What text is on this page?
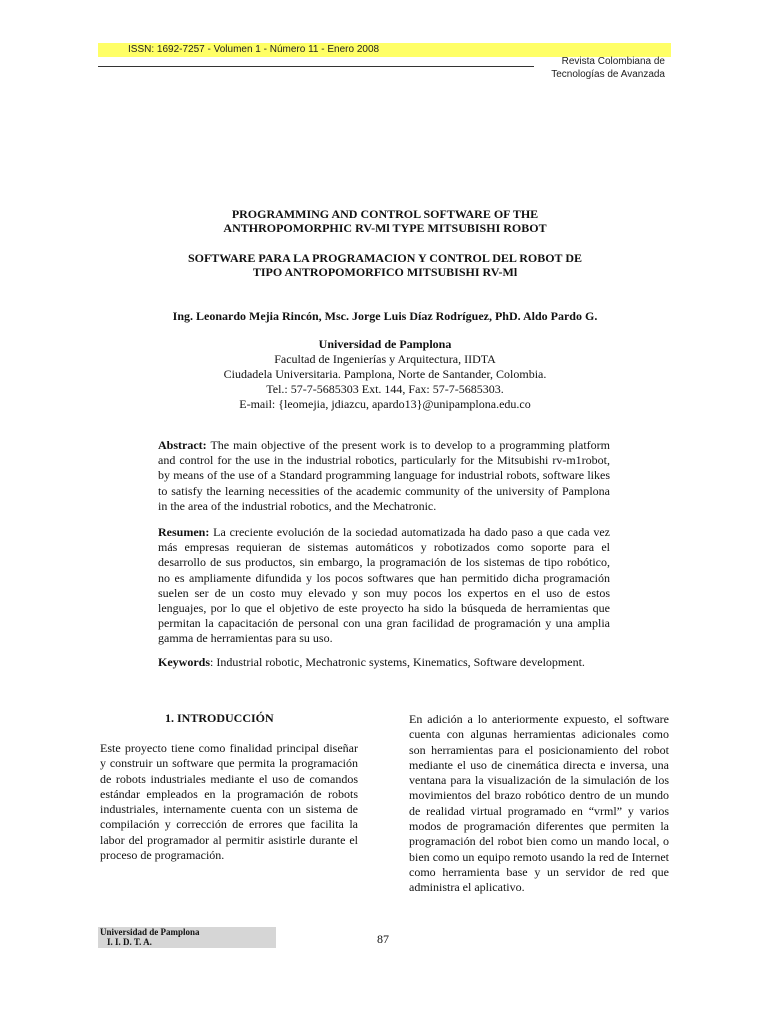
ISSN: 1692-7257 - Volumen 1 - Número 11 - Enero 2008
Revista Colombiana de
Tecnologías de Avanzada
PROGRAMMING AND CONTROL SOFTWARE OF THE
ANTHROPOMORPHIC RV-Ml TYPE MITSUBISHI ROBOT
SOFTWARE PARA LA PROGRAMACION Y CONTROL DEL ROBOT DE
TIPO ANTROPOMORFICO MITSUBISHI RV-Ml
Ing. Leonardo Mejia Rincón, Msc. Jorge Luis Díaz Rodríguez, PhD. Aldo Pardo G.
Universidad de Pamplona
Facultad de Ingenierías y Arquitectura, IIDTA
Ciudadela Universitaria. Pamplona, Norte de Santander, Colombia.
Tel.: 57-7-5685303 Ext. 144, Fax: 57-7-5685303.
E-mail: {leomejia, jdiazcu, apardo13}@unipamplona.edu.co
Abstract: The main objective of the present work is to develop to a programming platform and control for the use in the industrial robotics, particularly for the Mitsubishi rv-m1robot, by means of the use of a Standard programming language for industrial robots, software likes to satisfy the learning necessities of the academic community of the university of Pamplona in the area of the industrial robotics, and the Mechatronic.
Resumen: La creciente evolución de la sociedad automatizada ha dado paso a que cada vez más empresas requieran de sistemas automáticos y robotizados como soporte para el desarrollo de sus productos, sin embargo, la programación de los sistemas de tipo robótico, no es ampliamente difundida y los pocos softwares que han permitido dicha programación suelen ser de un costo muy elevado y son muy pocos los expertos en el uso de estos lenguajes, por lo que el objetivo de este proyecto ha sido la búsqueda de herramientas que permitan la capacitación de personal con una gran facilidad de programación y una amplia gamma de herramientas para su uso.
Keywords: Industrial robotic, Mechatronic systems, Kinematics, Software development.
1. INTRODUCCIÓN
Este proyecto tiene como finalidad principal diseñar y construir un software que permita la programación de robots industriales mediante el uso de comandos estándar empleados en la programación de robots industriales, internamente cuenta con un sistema de compilación y corrección de errores que facilita la labor del programador al permitir asistirle durante el proceso de programación.
En adición a lo anteriormente expuesto, el software cuenta con algunas herramientas adicionales como son herramientas para el posicionamiento del robot mediante el uso de cinemática directa e inversa, una ventana para la visualización de la simulación de los movimientos del brazo robótico dentro de un mundo de realidad virtual programado en “vrml” y varios modos de programación diferentes que permiten la programación del robot bien como un mando local, o bien como un equipo remoto usando la red de Internet como herramienta base y un servidor de red que administra el aplicativo.
Universidad de Pamplona
I. I. D. T. A.	87
